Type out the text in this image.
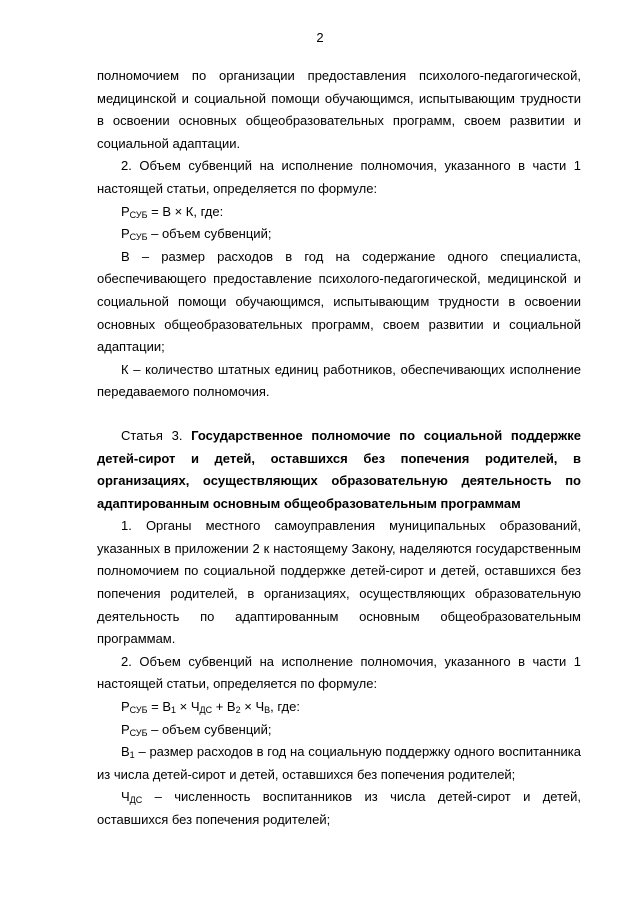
2

полномочием по организации предоставления психолого-педагогической, медицинской и социальной помощи обучающимся, испытывающим трудности в освоении основных общеобразовательных программ, своем развитии и социальной адаптации.

2. Объем субвенций на исполнение полномочия, указанного в части 1 настоящей статьи, определяется по формуле:

$Р_{СУБ} = В \times К$, где:

$Р_{СУБ}$ – объем субвенций;

В – размер расходов в год на содержание одного специалиста, обеспечивающего предоставление психолого-педагогической, медицинской и социальной помощи обучающимся, испытывающим трудности в освоении основных общеобразовательных программ, своем развитии и социальной адаптации;

К – количество штатных единиц работников, обеспечивающих исполнение передаваемого полномочия.

Статья 3. Государственное полномочие по социальной поддержке детей-сирот и детей, оставшихся без попечения родителей, в организациях, осуществляющих образовательную деятельность по адаптированным основным общеобразовательным программам

1. Органы местного самоуправления муниципальных образований, указанных в приложении 2 к настоящему Закону, наделяются государственным полномочием по социальной поддержке детей-сирот и детей, оставшихся без попечения родителей, в организациях, осуществляющих образовательную деятельность по адаптированным основным общеобразовательным программам.

2. Объем субвенций на исполнение полномочия, указанного в части 1 настоящей статьи, определяется по формуле:

$Р_{СУБ} = В_1 \times Ч_{ДС} + В_2 \times Ч_В$, где:

$Р_{СУБ}$ – объем субвенций;

$В_1$ – размер расходов в год на социальную поддержку одного воспитанника из числа детей-сирот и детей, оставшихся без попечения родителей;

$Ч_{ДС}$ – численность воспитанников из числа детей-сирот и детей, оставшихся без попечения родителей;
